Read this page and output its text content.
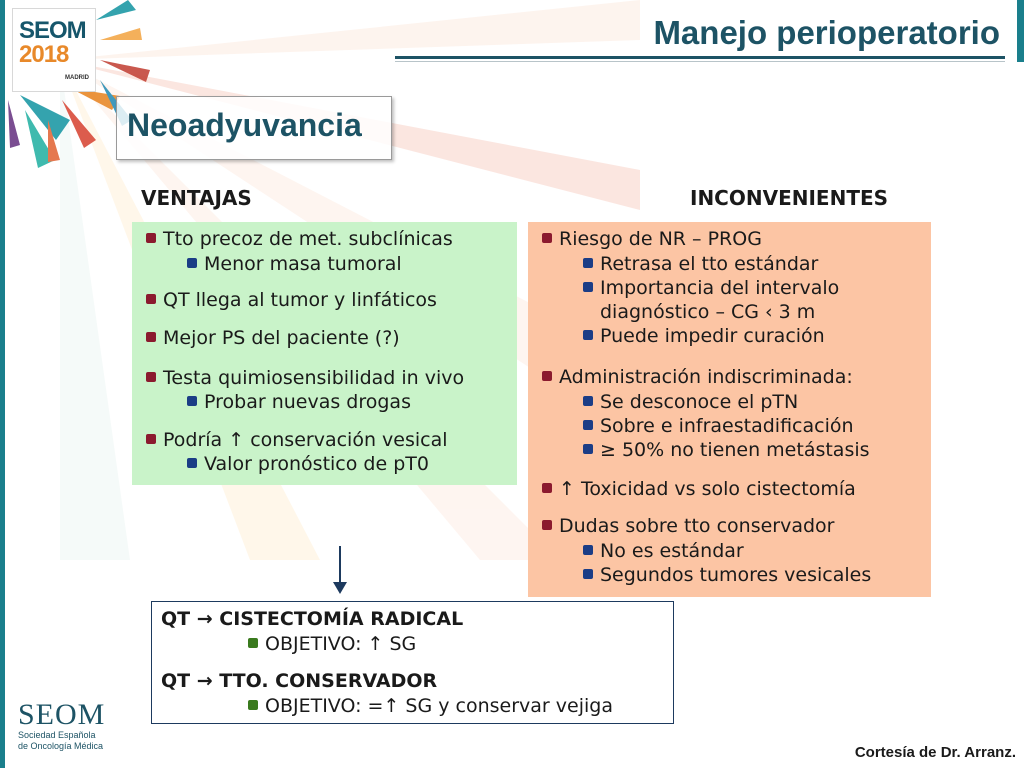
SEOM
2018
MADRID
Manejo perioperatorio
Neoadyuvancia
VENTAJAS	INCONVENIENTES
Tto precoz de met. subclínicas
Menor masa tumoral
QT llega al tumor y linfáticos
Mejor PS del paciente (?)
Testa quimiosensibilidad in vivo
Probar nuevas drogas
Podría ↑ conservación vesical
Valor pronóstico de pT0
Riesgo de NR – PROG
Retrasa el tto estándar
Importancia del intervalo
diagnóstico – CG ‹ 3 m
Puede impedir curación
Administración indiscriminada:
Se desconoce el pTN
Sobre e infraestadificación
≥ 50% no tienen metástasis
↑ Toxicidad vs solo cistectomía
Dudas sobre tto conservador
No es estándar
Segundos tumores vesicales
QT → CISTECTOMÍA RADICAL
OBJETIVO: ↑ SG
QT → TTO. CONSERVADOR
OBJETIVO: =↑ SG y conservar vejiga
SEOM
Sociedad Española
de Oncología Médica	Cortesía de Dr. Arranz.
